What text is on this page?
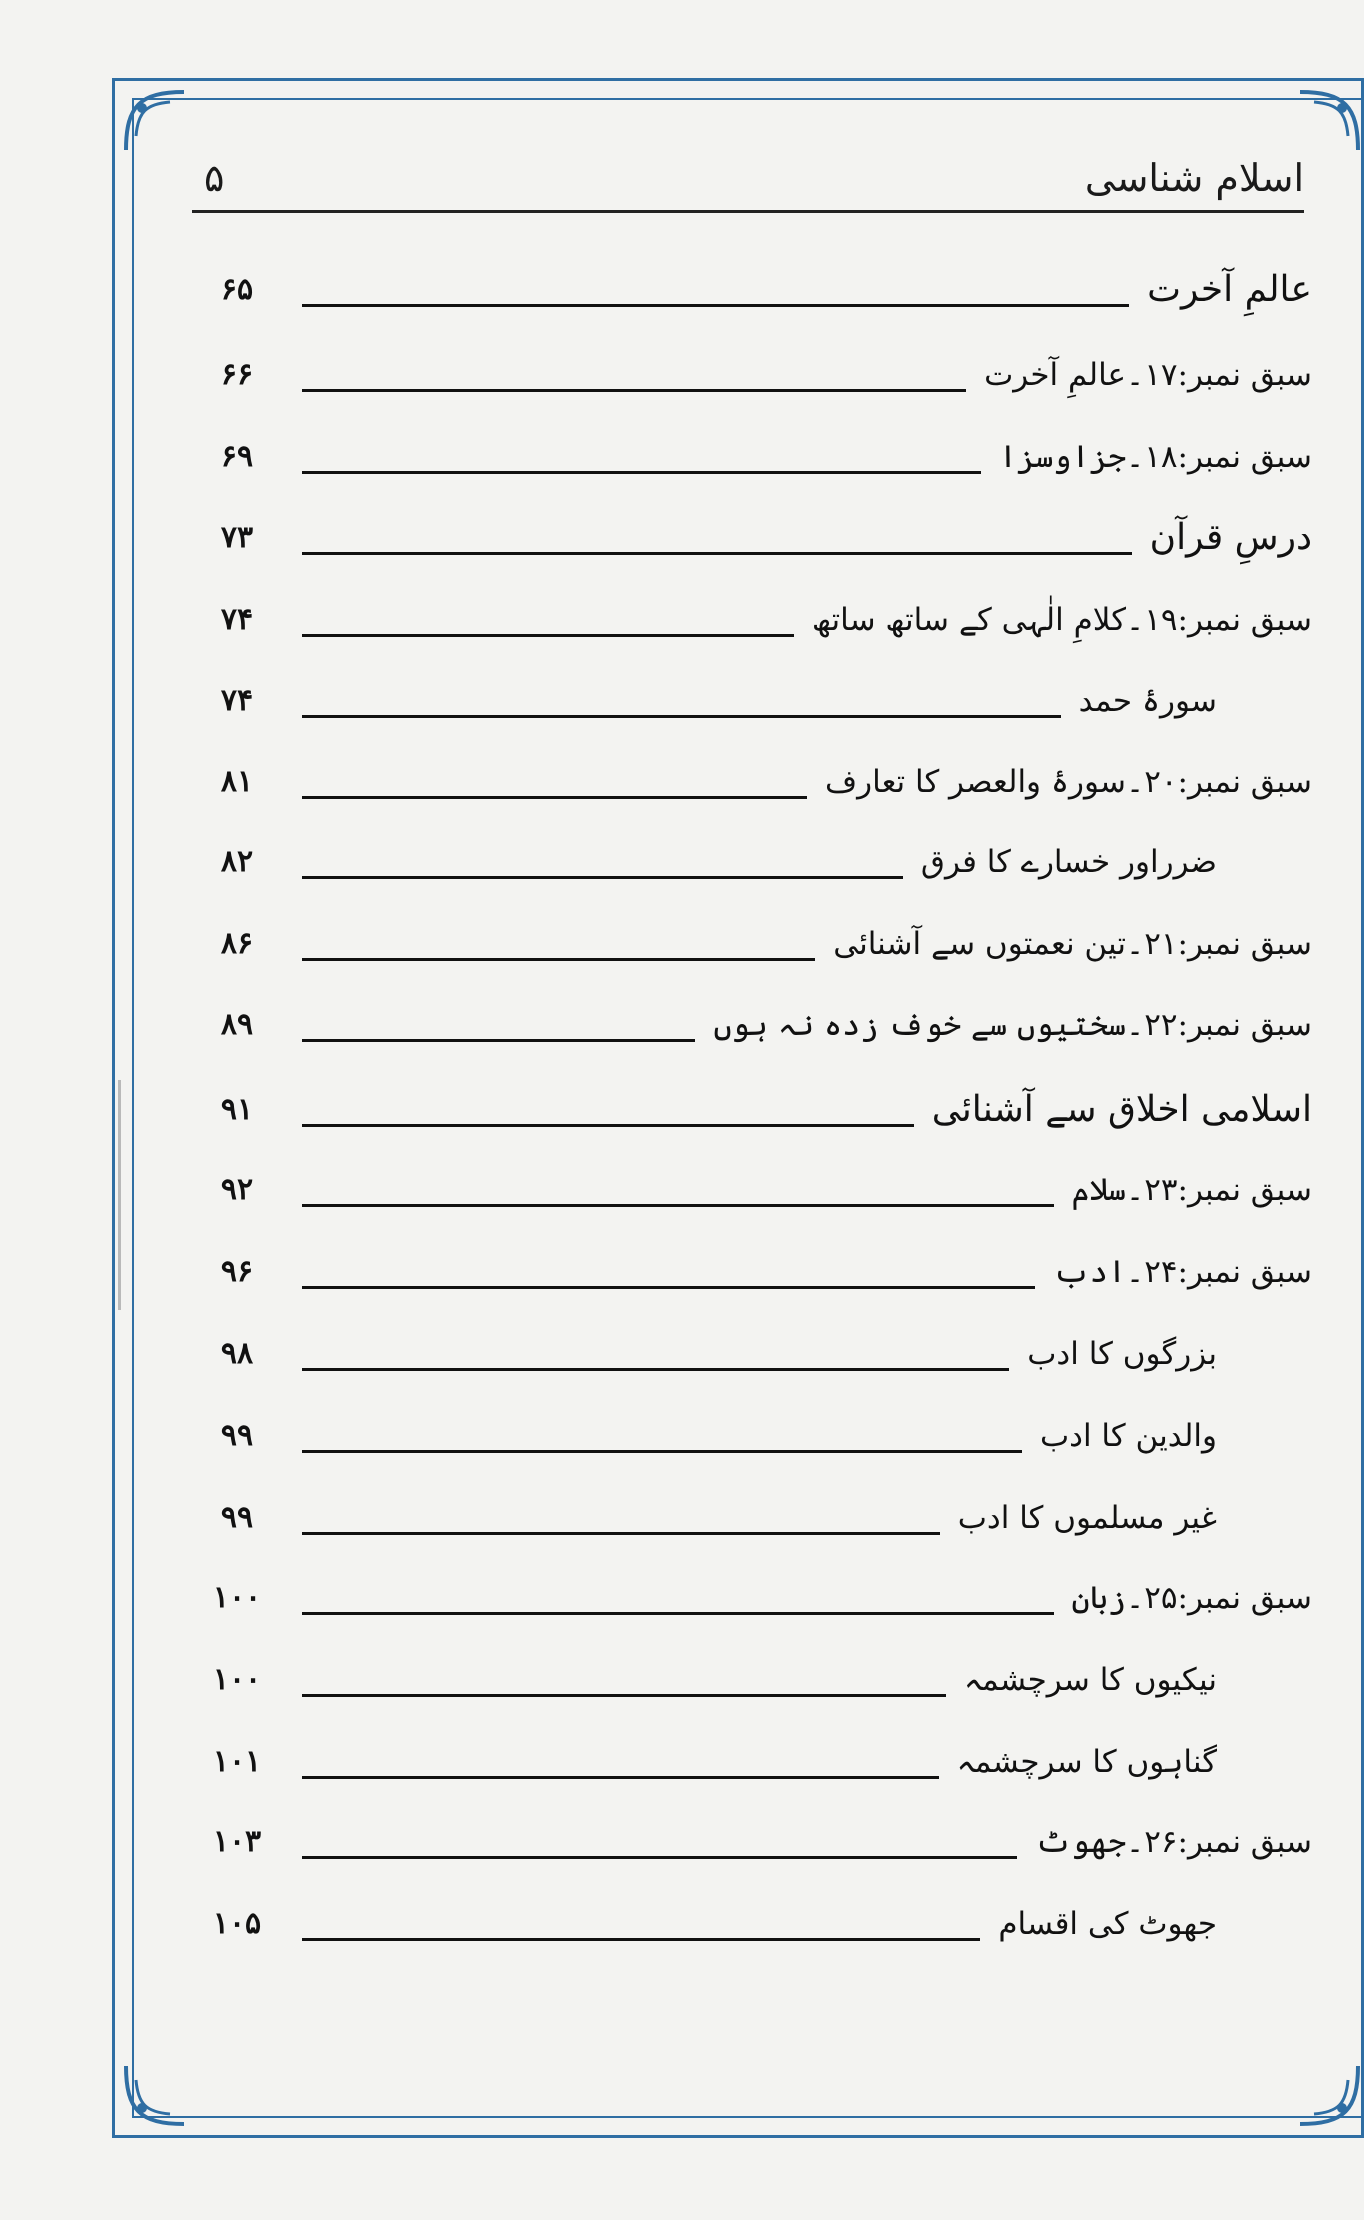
اسلام شناسی
۵
۶۵	عالمِ آخرت
۶۶	سبق نمبر:۱۷۔عالمِ آخرت
۶۹	سبق نمبر:۱۸۔جزاوسزا
۷۳	درسِ قرآن
۷۴	سبق نمبر:۱۹۔کلامِ الٰہی کے ساتھ ساتھ
۷۴	سورۂ حمد
۸۱	سبق نمبر:۲۰۔سورۂ والعصر کا تعارف
۸۲	ضرراور خسارے کا فرق
۸۶	سبق نمبر:۲۱۔تین نعمتوں سے آشنائی
۸۹	سبق نمبر:۲۲۔سختیوں سے خوف زدہ نہ ہوں
۹۱	اسلامی اخلاق سے آشنائی
۹۲	سبق نمبر:۲۳۔سلام
۹۶	سبق نمبر:۲۴۔ادب
۹۸	بزرگوں کا ادب
۹۹	والدین کا ادب
۹۹	غیر مسلموں کا ادب
۱۰۰	سبق نمبر:۲۵۔زبان
۱۰۰	نیکیوں کا سرچشمہ
۱۰۱	گناہوں کا سرچشمہ
۱۰۳	سبق نمبر:۲۶۔جھوٹ
۱۰۵	جھوٹ کی اقسام
